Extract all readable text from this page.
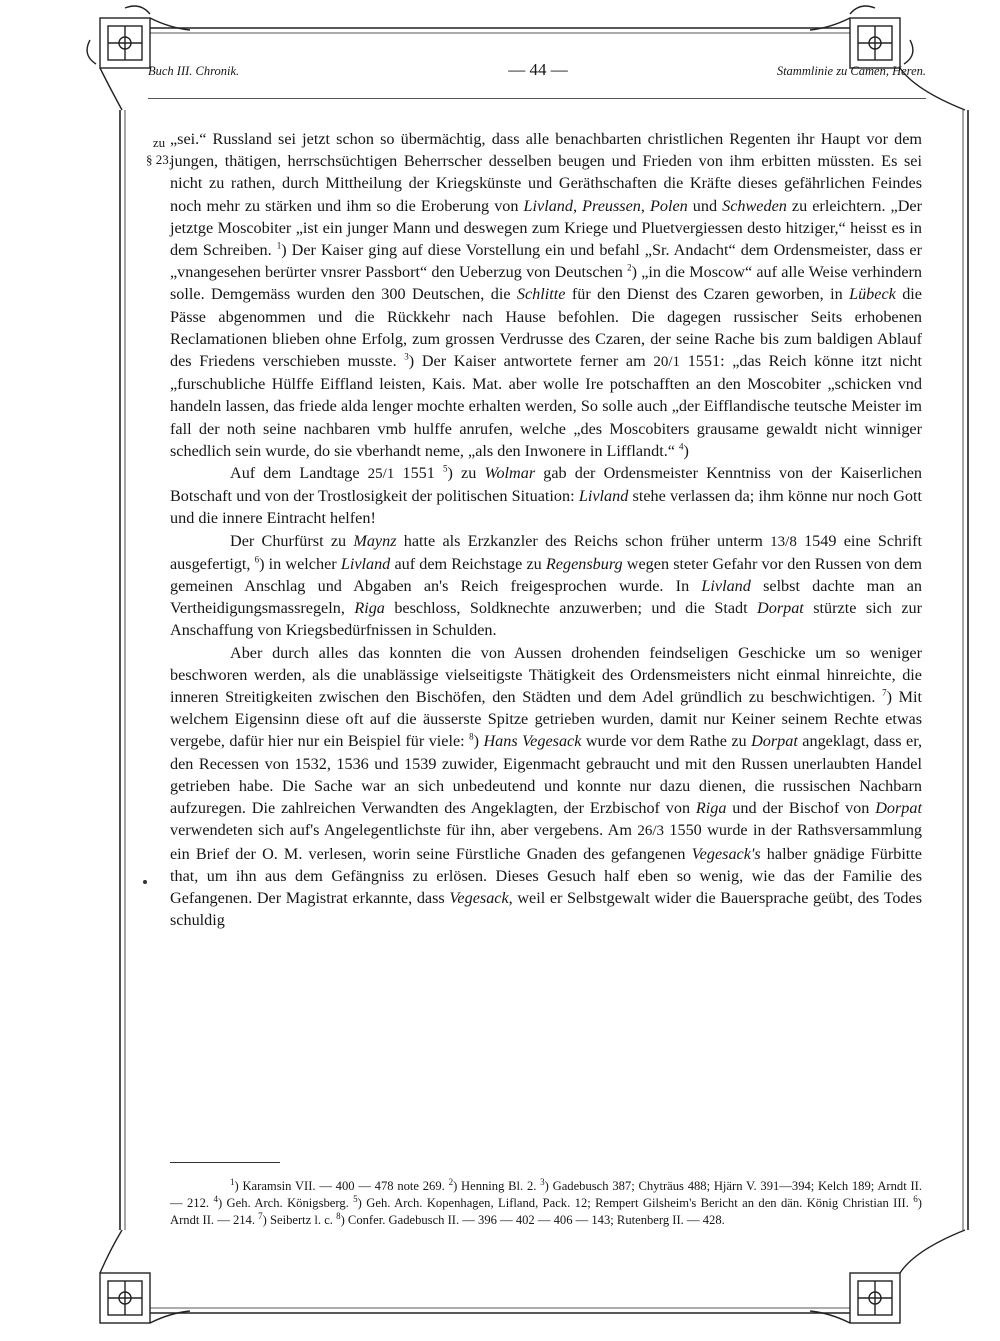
Buch III. Chronik.	— 44 —	Stammlinie zu Camen, Heren.
zu
§ 23.

„sei.“ Russland sei jetzt schon so übermächtig, dass alle benachbarten christlichen Regenten ihr Haupt vor dem jungen, thätigen, herrschsüchtigen Beherrscher desselben beugen und Frieden von ihm erbitten müssten. Es sei nicht zu rathen, durch Mittheilung der Kriegskünste und Geräthschaften die Kräfte dieses gefährlichen Feindes noch mehr zu stärken und ihm so die Eroberung von Livland, Preussen, Polen und Schweden zu erleichtern. „Der jetztge Moscobiter „ist ein junger Mann und deswegen zum Kriege und Pluetvergiessen desto hitziger,“ heisst es in dem Schreiben. $^1$) Der Kaiser ging auf diese Vorstellung ein und befahl „Sr. Andacht“ dem Ordensmeister, dass er „vnangesehen berürter vnsrer Passbort“ den Ueberzug von Deutschen $^2$) „in die Moscow“ auf alle Weise verhindern solle. Demgemäss wurden den 300 Deutschen, die Schlitte für den Dienst des Czaren geworben, in Lübeck die Pässe abgenommen und die Rückkehr nach Hause befohlen. Die dagegen russischer Seits erhobenen Reclamationen blieben ohne Erfolg, zum grossen Verdrusse des Czaren, der seine Rache bis zum baldigen Ablauf des Friedens verschieben musste. $^3$) Der Kaiser antwortete ferner am 20/1 1551: „das Reich könne itzt nicht „furschubliche Hülffe Eiffland leisten, Kais. Mat. aber wolle Ire potschafften an den Moscobiter „schicken vnd handeln lassen, das friede alda lenger mochte erhalten werden, So solle auch „der Eifflandische teutsche Meister im fall der noth seine nachbaren vmb hulffe anrufen, welche „des Moscobiters grausame gewaldt nicht winniger schedlich sein wurde, do sie vberhandt neme, „als den Inwonere in Lifflandt.“ $^4$)

Auf dem Landtage 25/1 1551 $^5$) zu Wolmar gab der Ordensmeister Kenntniss von der Kaiserlichen Botschaft und von der Trostlosigkeit der politischen Situation: Livland stehe verlassen da; ihm könne nur noch Gott und die innere Eintracht helfen!

Der Churfürst zu Maynz hatte als Erzkanzler des Reichs schon früher unterm 13/8 1549 eine Schrift ausgefertigt, $^6$) in welcher Livland auf dem Reichstage zu Regensburg wegen steter Gefahr vor den Russen von dem gemeinen Anschlag und Abgaben an's Reich freigesprochen wurde. In Livland selbst dachte man an Vertheidigungsmassregeln, Riga beschloss, Soldknechte anzuwerben; und die Stadt Dorpat stürzte sich zur Anschaffung von Kriegsbedürfnissen in Schulden.

Aber durch alles das konnten die von Aussen drohenden feindseligen Geschicke um so weniger beschworen werden, als die unablässige vielseitigste Thätigkeit des Ordensmeisters nicht einmal hinreichte, die inneren Streitigkeiten zwischen den Bischöfen, den Städten und dem Adel gründlich zu beschwichtigen. $^7$) Mit welchem Eigensinn diese oft auf die äusserste Spitze getrieben wurden, damit nur Keiner seinem Rechte etwas vergebe, dafür hier nur ein Beispiel für viele: $^8$) Hans Vegesack wurde vor dem Rathe zu Dorpat angeklagt, dass er, den Recessen von 1532, 1536 und 1539 zuwider, Eigenmacht gebraucht und mit den Russen unerlaubten Handel getrieben habe. Die Sache war an sich unbedeutend und konnte nur dazu dienen, die russischen Nachbarn aufzuregen. Die zahlreichen Verwandten des Angeklagten, der Erzbischof von Riga und der Bischof von Dorpat verwendeten sich auf's Angelegentlichste für ihn, aber vergebens. Am 26/3 1550 wurde in der Rathsversammlung ein Brief der O. M. verlesen, worin seine Fürstliche Gnaden des gefangenen Vegesack's halber gnädige Fürbitte that, um ihn aus dem Gefängniss zu erlösen. Dieses Gesuch half eben so wenig, wie das der Familie des Gefangenen. Der Magistrat erkannte, dass Vegesack, weil er Selbstgewalt wider die Bauersprache geübt, des Todes schuldig

$^1$) Karamsin VII. — 400 — 478 note 269. $^2$) Henning Bl. 2. $^3$) Gadebusch 387; Chyträus 488; Hjärn V. 391—394; Kelch 189; Arndt II. — 212. $^4$) Geh. Arch. Königsberg. $^5$) Geh. Arch. Kopenhagen, Lifland, Pack. 12; Rempert Gilsheim's Bericht an den dän. König Christian III. $^6$) Arndt II. — 214. $^7$) Seibertz l. c. $^8$) Confer. Gadebusch II. — 396 — 402 — 406 — 143; Rutenberg II. — 428.
